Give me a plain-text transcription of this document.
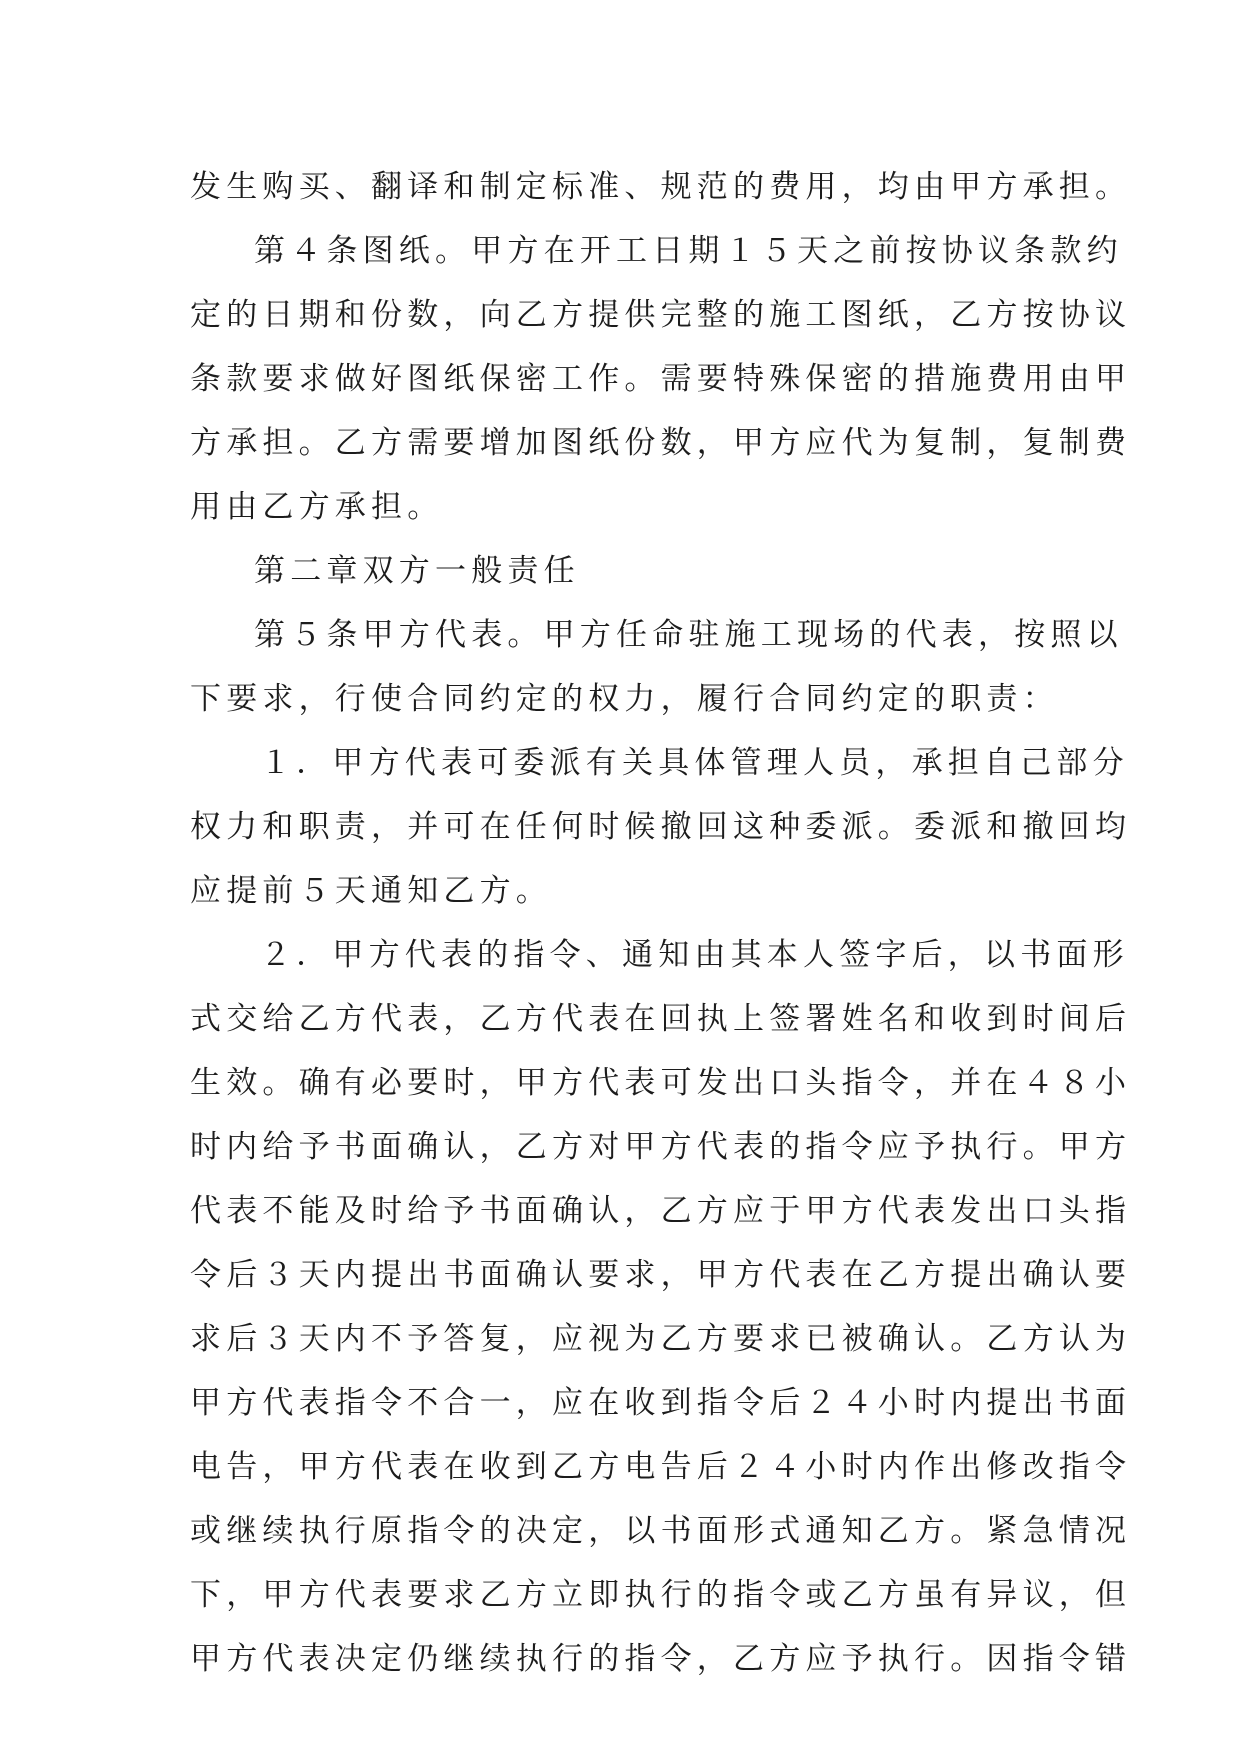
发生购买、翻译和制定标准、规范的费用，均由甲方承担。
第４条图纸。甲方在开工日期１５天之前按协议条款约
定的日期和份数，向乙方提供完整的施工图纸，乙方按协议
条款要求做好图纸保密工作。需要特殊保密的措施费用由甲
方承担。乙方需要增加图纸份数，甲方应代为复制，复制费
用由乙方承担。
第二章双方一般责任
第５条甲方代表。甲方任命驻施工现场的代表，按照以
下要求，行使合同约定的权力，履行合同约定的职责：
１．甲方代表可委派有关具体管理人员，承担自己部分
权力和职责，并可在任何时候撤回这种委派。委派和撤回均
应提前５天通知乙方。
２．甲方代表的指令、通知由其本人签字后，以书面形
式交给乙方代表，乙方代表在回执上签署姓名和收到时间后
生效。确有必要时，甲方代表可发出口头指令，并在４８小
时内给予书面确认，乙方对甲方代表的指令应予执行。甲方
代表不能及时给予书面确认，乙方应于甲方代表发出口头指
令后３天内提出书面确认要求，甲方代表在乙方提出确认要
求后３天内不予答复，应视为乙方要求已被确认。乙方认为
甲方代表指令不合一，应在收到指令后２４小时内提出书面
电告，甲方代表在收到乙方电告后２４小时内作出修改指令
或继续执行原指令的决定，以书面形式通知乙方。紧急情况
下，甲方代表要求乙方立即执行的指令或乙方虽有异议，但
甲方代表决定仍继续执行的指令，乙方应予执行。因指令错
